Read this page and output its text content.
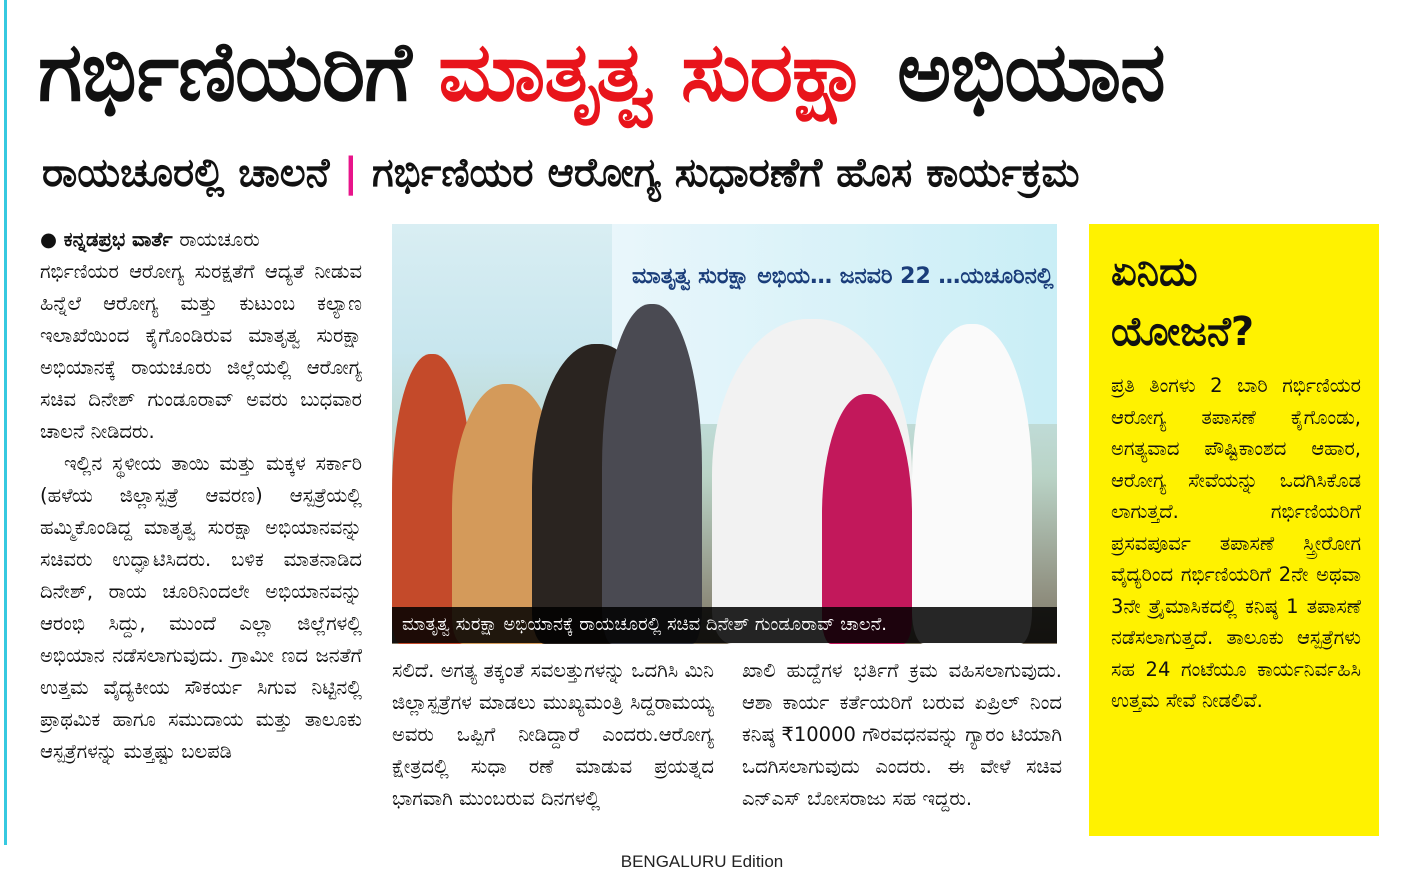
ಗರ್ಭಿಣಿಯರಿಗೆ ಮಾತೃತ್ವ ಸುರಕ್ಷಾ ಅಭಿಯಾನ
ರಾಯಚೂರಲ್ಲಿ ಚಾಲನೆ | ಗರ್ಭಿಣಿಯರ ಆರೋಗ್ಯ ಸುಧಾರಣೆಗೆ ಹೊಸ ಕಾರ್ಯಕ್ರಮ

● ಕನ್ನಡಪ್ರಭ ವಾರ್ತೆ ರಾಯಚೂರು

ಗರ್ಭಿಣಿಯರ ಆರೋಗ್ಯ ಸುರಕ್ಷತೆಗೆ ಆದ್ಯತೆ ನೀಡುವ ಹಿನ್ನೆಲೆ ಆರೋಗ್ಯ ಮತ್ತು ಕುಟುಂಬ ಕಲ್ಯಾಣ ಇಲಾಖೆಯಿಂದ ಕೈಗೊಂಡಿರುವ ಮಾತೃತ್ವ ಸುರಕ್ಷಾ ಅಭಿಯಾನಕ್ಕೆ ರಾಯಚೂರು ಜಿಲ್ಲೆಯಲ್ಲಿ ಆರೋಗ್ಯ ಸಚಿವ ದಿನೇಶ್ ಗುಂಡೂರಾವ್ ಅವರು ಬುಧವಾರ ಚಾಲನೆ ನೀಡಿದರು.

ಇಲ್ಲಿನ ಸ್ಥಳೀಯ ತಾಯಿ ಮತ್ತು ಮಕ್ಕಳ ಸರ್ಕಾರಿ (ಹಳೆಯ ಜಿಲ್ಲಾಸ್ಪತ್ರೆ ಆವರಣ) ಆಸ್ಪತ್ರೆಯಲ್ಲಿ ಹಮ್ಮಿಕೊಂಡಿದ್ದ ಮಾತೃತ್ವ ಸುರಕ್ಷಾ ಅಭಿಯಾನವನ್ನು ಸಚಿವರು ಉದ್ಘಾಟಿಸಿದರು. ಬಳಿಕ ಮಾತನಾಡಿದ ದಿನೇಶ್, ರಾಯ ಚೂರಿನಿಂದಲೇ ಅಭಿಯಾನವನ್ನು ಆರಂಭಿ ಸಿದ್ದು, ಮುಂದೆ ಎಲ್ಲಾ ಜಿಲ್ಲೆಗಳಲ್ಲಿ ಅಭಿಯಾನ ನಡೆಸಲಾಗುವುದು. ಗ್ರಾಮೀ ಣದ ಜನತೆಗೆ ಉತ್ತಮ ವೈದ್ಯಕೀಯ ಸೌಕರ್ಯ ಸಿಗುವ ನಿಟ್ಟಿನಲ್ಲಿ ಪ್ರಾಥಮಿಕ ಹಾಗೂ ಸಮುದಾಯ ಮತ್ತು ತಾಲೂಕು ಆಸ್ಪತ್ರೆಗಳನ್ನು ಮತ್ತಷ್ಟು ಬಲಪಡಿ

ಮಾತೃತ್ವ ಸುರಕ್ಷಾ ಅಭಿಯ… ಜನವರಿ 22 …ಯಚೂರಿನಲ್ಲಿ
ಮಾತೃತ್ವ ಸುರಕ್ಷಾ ಅಭಿಯಾನಕ್ಕೆ ರಾಯಚೂರಲ್ಲಿ ಸಚಿವ ದಿನೇಶ್ ಗುಂಡೂರಾವ್ ಚಾಲನೆ.

ಸಲಿದೆ. ಅಗತ್ಯ ತಕ್ಕಂತೆ ಸವಲತ್ತುಗಳನ್ನು ಒದಗಿಸಿ ಮಿನಿ ಜಿಲ್ಲಾಸ್ಪತ್ರೆಗಳ ಮಾಡಲು ಮುಖ್ಯಮಂತ್ರಿ ಸಿದ್ದರಾಮಯ್ಯ ಅವರು ಒಪ್ಪಿಗೆ ನೀಡಿದ್ದಾರೆ ಎಂದರು.ಆರೋಗ್ಯ ಕ್ಷೇತ್ರದಲ್ಲಿ ಸುಧಾ ರಣೆ ಮಾಡುವ ಪ್ರಯತ್ನದ ಭಾಗವಾಗಿ ಮುಂಬರುವ ದಿನಗಳಲ್ಲಿ

ಖಾಲಿ ಹುದ್ದೆಗಳ ಭರ್ತಿಗೆ ಕ್ರಮ ವಹಿಸಲಾಗುವುದು. ಆಶಾ ಕಾರ್ಯ ಕರ್ತೆಯರಿಗೆ ಬರುವ ಏಪ್ರಿಲ್ ನಿಂದ ಕನಿಷ್ಠ ₹10000 ಗೌರವಧನವನ್ನು ಗ್ಯಾರಂ ಟಿಯಾಗಿ ಒದಗಿಸಲಾಗುವುದು ಎಂದರು. ಈ ವೇಳೆ ಸಚಿವ ಎನ್‌ಎಸ್ ಬೋಸರಾಜು ಸಹ ಇದ್ದರು.

ಏನಿದು
ಯೋಜನೆ?
ಪ್ರತಿ ತಿಂಗಳು 2 ಬಾರಿ ಗರ್ಭಿಣಿಯರ ಆರೋಗ್ಯ ತಪಾಸಣೆ ಕೈಗೊಂಡು, ಅಗತ್ಯವಾದ ಪೌಷ್ಟಿಕಾಂಶದ ಆಹಾರ, ಆರೋಗ್ಯ ಸೇವೆಯನ್ನು ಒದಗಿಸಿಕೊಡ ಲಾಗುತ್ತದೆ. ಗರ್ಭಿಣಿಯರಿಗೆ ಪ್ರಸವಪೂರ್ವ ತಪಾಸಣೆ ಸ್ತ್ರೀರೋಗ ವೈದ್ಯರಿಂದ ಗರ್ಭಿಣಿಯರಿಗೆ 2ನೇ ಅಥವಾ 3ನೇ ತ್ರೈಮಾಸಿಕದಲ್ಲಿ ಕನಿಷ್ಠ 1 ತಪಾಸಣೆ ನಡೆಸಲಾಗುತ್ತದೆ. ತಾಲೂಕು ಆಸ್ಪತ್ರೆಗಳು ಸಹ 24 ಗಂಟೆಯೂ ಕಾರ್ಯನಿರ್ವಹಿಸಿ ಉತ್ತಮ ಸೇವೆ ನೀಡಲಿವೆ.
BENGALURU Edition
